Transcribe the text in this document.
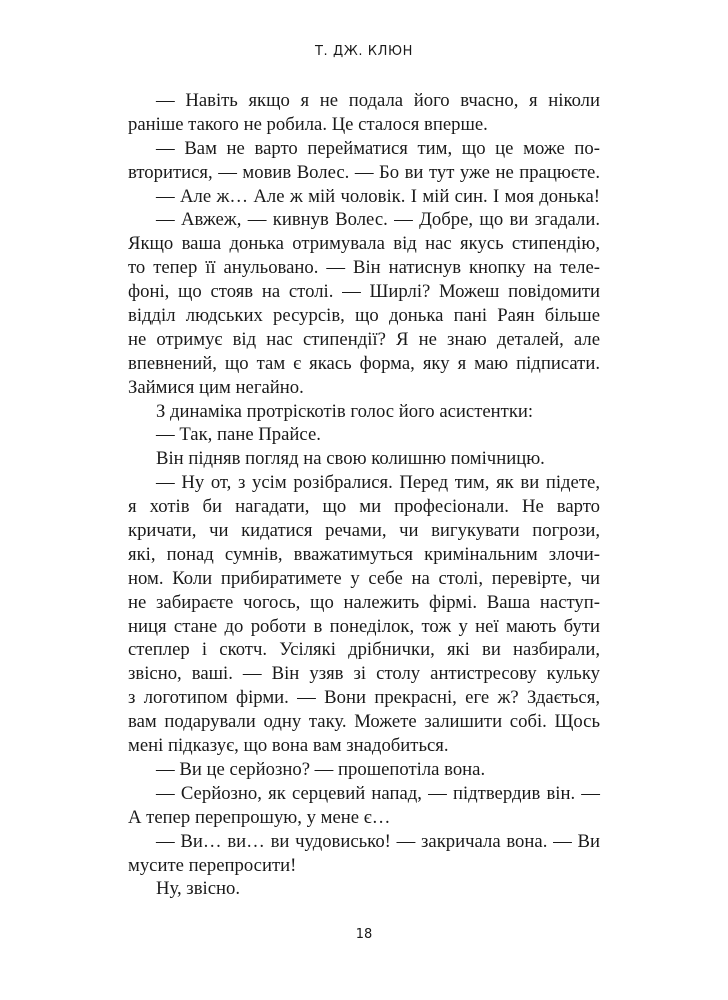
Т. ДЖ. КЛЮН
— Навіть якщо я не подала його вчасно, я ніколи
раніше такого не робила. Це сталося вперше.
— Вам не варто перейматися тим, що це може по-
вторитися, — мовив Волес. — Бо ви тут уже не працюєте.
— Але ж… Але ж мій чоловік. І мій син. І моя донька!
— Авжеж, — кивнув Волес. — Добре, що ви згадали.
Якщо ваша донька отримувала від нас якусь стипендію,
то тепер її анульовано. — Він натиснув кнопку на теле-
фоні, що стояв на столі. — Ширлі? Можеш повідомити
відділ людських ресурсів, що донька пані Раян більше
не отримує від нас стипендії? Я не знаю деталей, але
впевнений, що там є якась форма, яку я маю підписати.
Займися цим негайно.
З динаміка протріскотів голос його асистентки:
— Так, пане Прайсе.
Він підняв погляд на свою колишню помічницю.
— Ну от, з усім розібралися. Перед тим, як ви підете,
я хотів би нагадати, що ми професіонали. Не варто
кричати, чи кидатися речами, чи вигукувати погрози,
які, понад сумнів, вважатимуться кримінальним злочи-
ном. Коли прибиратимете у себе на столі, перевірте, чи
не забираєте чогось, що належить фірмі. Ваша наступ-
ниця стане до роботи в понеділок, тож у неї мають бути
степлер і скотч. Усілякі дрібнички, які ви назбирали,
звісно, ваші. — Він узяв зі столу антистресову кульку
з логотипом фірми. — Вони прекрасні, еге ж? Здається,
вам подарували одну таку. Можете залишити собі. Щось
мені підказує, що вона вам знадобиться.
— Ви це серйозно? — прошепотіла вона.
— Серйозно, як серцевий напад, — підтвердив він. —
А тепер перепрошую, у мене є…
— Ви… ви… ви чудовисько! — закричала вона. — Ви
мусите перепросити!
Ну, звісно.
18
